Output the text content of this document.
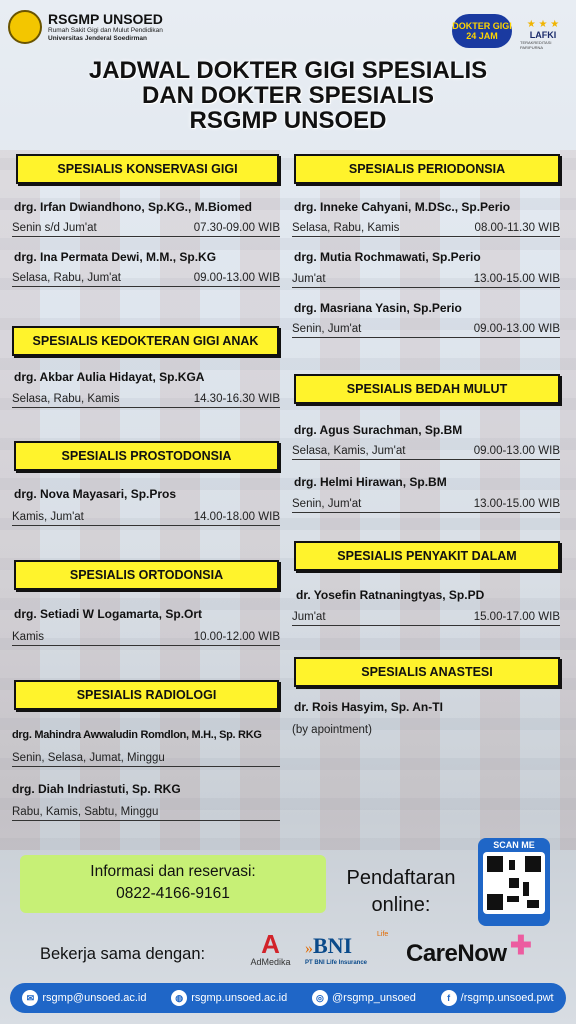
RSGMP UNSOED
Rumah Sakit Gigi dan Mulut Pendidikan
Universitas Jenderal Soedirman
DOKTER GIGI 24 JAM
★ ★ ★
LAFKI
TERAKREDITASI PARIPURNA
JADWAL DOKTER GIGI SPESIALIS
DAN DOKTER SPESIALIS
RSGMP UNSOED
SPESIALIS KONSERVASI GIGI
drg. Irfan Dwiandhono, Sp.KG., M.Biomed
Senin s/d Jum'at	07.30-09.00 WIB
drg. Ina Permata Dewi, M.M., Sp.KG
Selasa, Rabu, Jum'at	09.00-13.00 WIB
SPESIALIS KEDOKTERAN GIGI ANAK
drg. Akbar Aulia Hidayat, Sp.KGA
Selasa, Rabu, Kamis	14.30-16.30 WIB
SPESIALIS PROSTODONSIA
drg. Nova Mayasari, Sp.Pros
Kamis, Jum'at	14.00-18.00 WIB
SPESIALIS ORTODONSIA
drg. Setiadi W Logamarta, Sp.Ort
Kamis	10.00-12.00 WIB
SPESIALIS RADIOLOGI
drg. Mahindra Awwaludin Romdlon, M.H., Sp. RKG
Senin, Selasa, Jumat, Minggu
drg. Diah Indriastuti, Sp. RKG
Rabu, Kamis, Sabtu, Minggu
SPESIALIS PERIODONSIA
drg. Inneke Cahyani, M.DSc., Sp.Perio
Selasa, Rabu, Kamis	08.00-11.30 WIB
drg. Mutia Rochmawati, Sp.Perio
Jum'at	13.00-15.00 WIB
drg. Masriana Yasin, Sp.Perio
Senin, Jum'at	09.00-13.00 WIB
SPESIALIS BEDAH MULUT
drg. Agus Surachman, Sp.BM
Selasa, Kamis, Jum'at	09.00-13.00 WIB
drg. Helmi Hirawan, Sp.BM
Senin, Jum'at	13.00-15.00 WIB
SPESIALIS PENYAKIT DALAM
dr. Yosefin Ratnaningtyas, Sp.PD
Jum'at	15.00-17.00 WIB
SPESIALIS ANASTESI
dr. Rois Hasyim, Sp. An-TI
(by apointment)
Informasi dan reservasi:
0822-4166-9161
Pendaftaran
online:
SCAN ME
Bekerja sama dengan:	A
AdMedika
»BNI	Life
PT BNI Life Insurance	CareNow ✚
✉ rsgmp@unsoed.ac.id	◍ rsgmp.unsoed.ac.id	◎ @rsgmp_unsoed	f /rsgmp.unsoed.pwt
